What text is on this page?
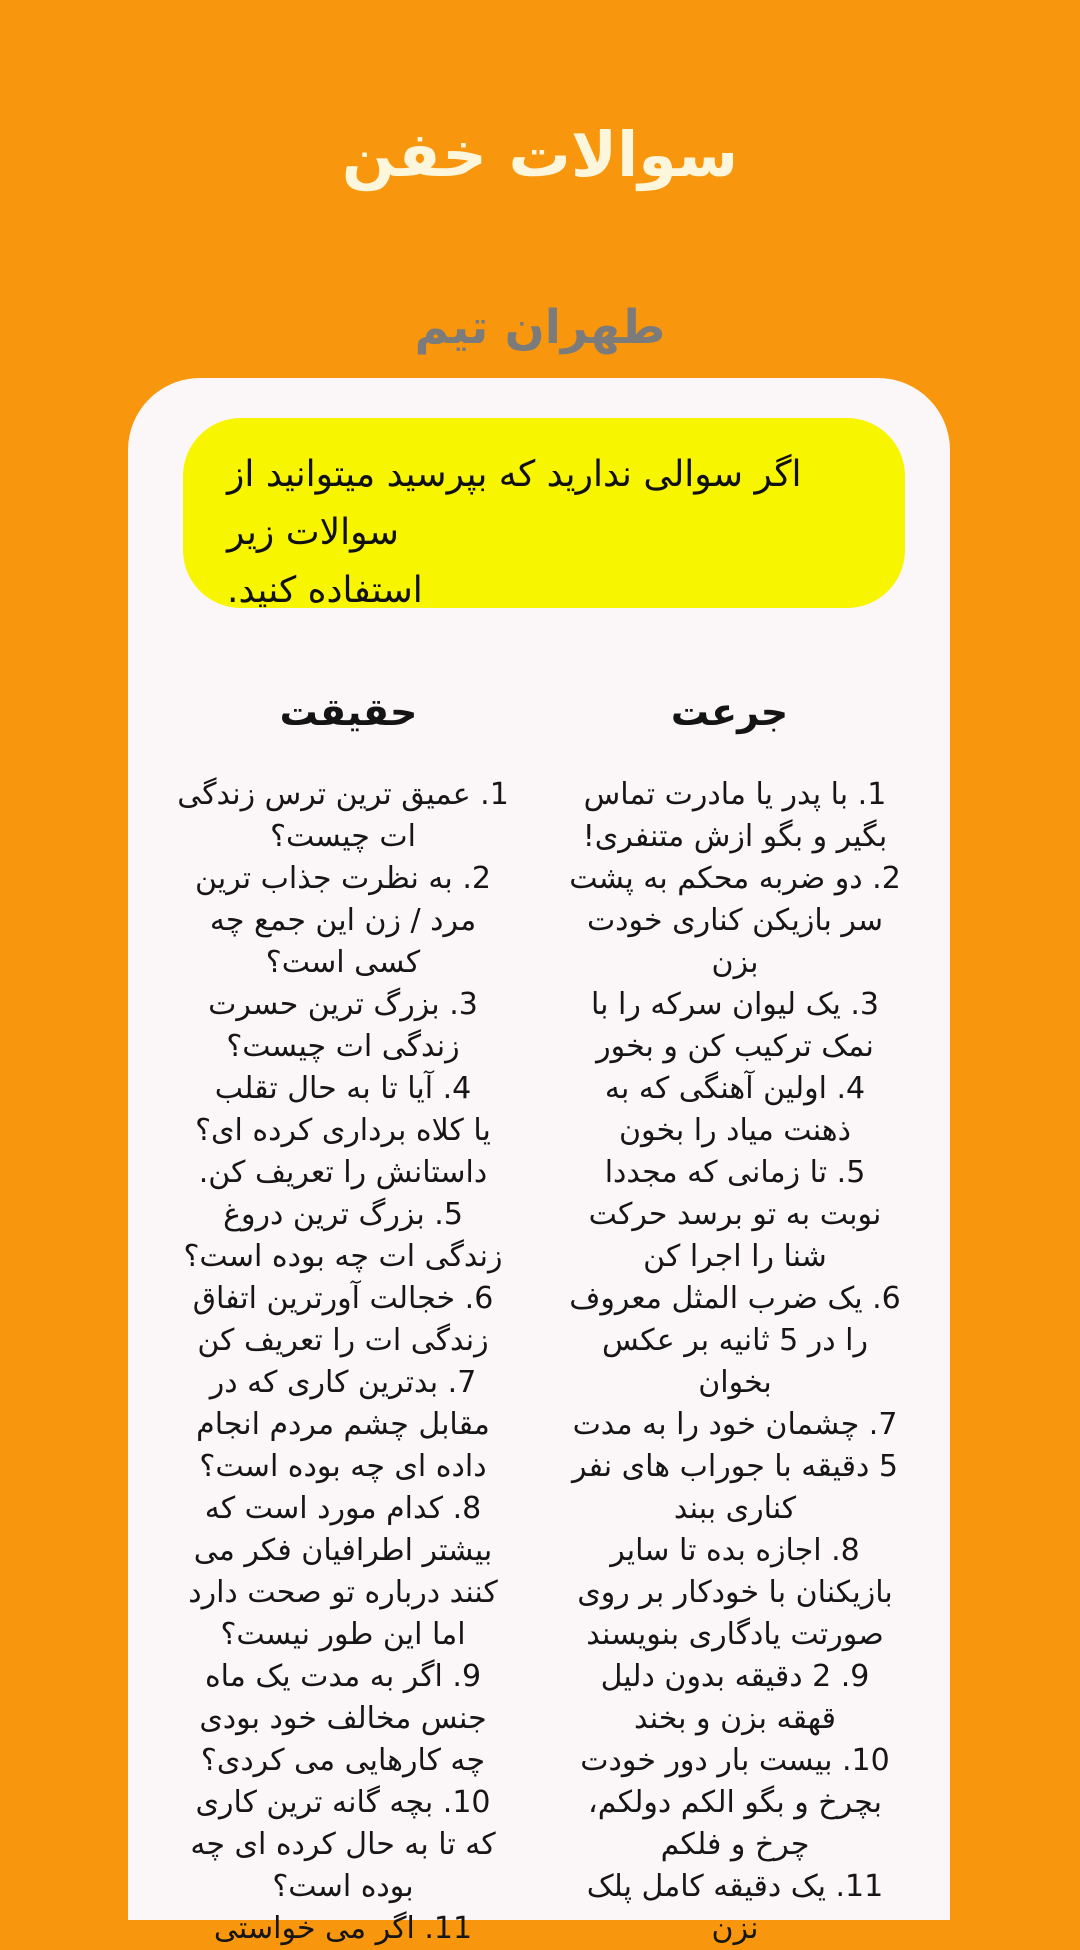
سوالات خفن
طهران تیم
اگر سوالی ندارید که بپرسید میتوانید از سوالات زیر
استفاده کنید.
جرعت
حقیقت
1. با پدر یا مادرت تماس
بگیر و بگو ازش متنفری!
2. دو ضربه محکم به پشت
سر بازیکن کناری خودت
بزن
3. یک لیوان سرکه را با
نمک ترکیب کن و بخور
4. اولین آهنگی که به
ذهنت میاد را بخون
5. تا زمانی که مجددا
نوبت به تو برسد حرکت
شنا را اجرا کن
6. یک ضرب المثل معروف
را در 5 ثانیه بر عکس
بخوان
7. چشمان خود را به مدت
5 دقیقه با جوراب های نفر
کناری ببند
8. اجازه بده تا سایر
بازیکنان با خودکار بر روی
صورتت یادگاری بنویسند
9. 2 دقیقه بدون دلیل
قهقه بزن و بخند
10. بیست بار دور خودت
بچرخ و بگو الکم دولکم،
چرخ و فلکم
11. یک دقیقه کامل پلک
نزن
1. عمیق ترین ترس زندگی
ات چیست؟
2. به نظرت جذاب ترین
مرد / زن این جمع چه
کسی است؟
3. بزرگ ترین حسرت
زندگی ات چیست؟
4. آیا تا به حال تقلب
یا کلاه برداری کرده ای؟
داستانش را تعریف کن.
5. بزرگ ترین دروغ
زندگی ات چه بوده است؟
6. خجالت آورترین اتفاق
زندگی ات را تعریف کن
7. بدترین کاری که در
مقابل چشم مردم انجام
داده ای چه بوده است؟
8. کدام مورد است که
بیشتر اطرافیان فکر می
کنند درباره تو صحت دارد
اما این طور نیست؟
9. اگر به مدت یک ماه
جنس مخالف خود بودی
چه کارهایی می کردی؟
10. بچه گانه ترین کاری
که تا به حال کرده ای چه
بوده است؟
11. اگر می خواستی
